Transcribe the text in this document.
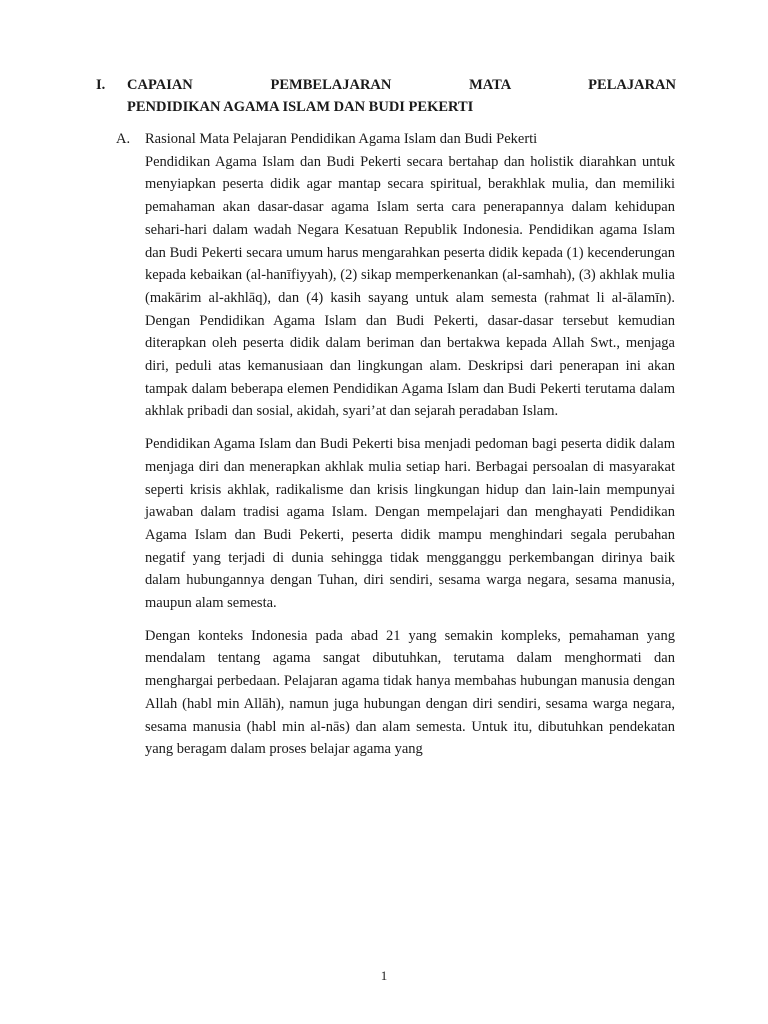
I. CAPAIAN PEMBELAJARAN MATA PELAJARAN
PENDIDIKAN AGAMA ISLAM DAN BUDI PEKERTI
A. Rasional Mata Pelajaran Pendidikan Agama Islam dan Budi Pekerti
Pendidikan Agama Islam dan Budi Pekerti secara bertahap dan holistik diarahkan untuk menyiapkan peserta didik agar mantap secara spiritual, berakhlak mulia, dan memiliki pemahaman akan dasar-dasar agama Islam serta cara penerapannya dalam kehidupan sehari-hari dalam wadah Negara Kesatuan Republik Indonesia. Pendidikan agama Islam dan Budi Pekerti secara umum harus mengarahkan peserta didik kepada (1) kecenderungan kepada kebaikan (al-hanīfiyyah), (2) sikap memperkenankan (al-samhah), (3) akhlak mulia (makārim al-akhlāq), dan (4) kasih sayang untuk alam semesta (rahmat li al-ālamīn). Dengan Pendidikan Agama Islam dan Budi Pekerti, dasar-dasar tersebut kemudian diterapkan oleh peserta didik dalam beriman dan bertakwa kepada Allah Swt., menjaga diri, peduli atas kemanusiaan dan lingkungan alam. Deskripsi dari penerapan ini akan tampak dalam beberapa elemen Pendidikan Agama Islam dan Budi Pekerti terutama dalam akhlak pribadi dan sosial, akidah, syari’at dan sejarah peradaban Islam.

Pendidikan Agama Islam dan Budi Pekerti bisa menjadi pedoman bagi peserta didik dalam menjaga diri dan menerapkan akhlak mulia setiap hari. Berbagai persoalan di masyarakat seperti krisis akhlak, radikalisme dan krisis lingkungan hidup dan lain-lain mempunyai jawaban dalam tradisi agama Islam. Dengan mempelajari dan menghayati Pendidikan Agama Islam dan Budi Pekerti, peserta didik mampu menghindari segala perubahan negatif yang terjadi di dunia sehingga tidak mengganggu perkembangan dirinya baik dalam hubungannya dengan Tuhan, diri sendiri, sesama warga negara, sesama manusia, maupun alam semesta.

Dengan konteks Indonesia pada abad 21 yang semakin kompleks, pemahaman yang mendalam tentang agama sangat dibutuhkan, terutama dalam menghormati dan menghargai perbedaan. Pelajaran agama tidak hanya membahas hubungan manusia dengan Allah (habl min Allāh), namun juga hubungan dengan diri sendiri, sesama warga negara, sesama manusia (habl min al-nās) dan alam semesta. Untuk itu, dibutuhkan pendekatan yang beragam dalam proses belajar agama yang

1
